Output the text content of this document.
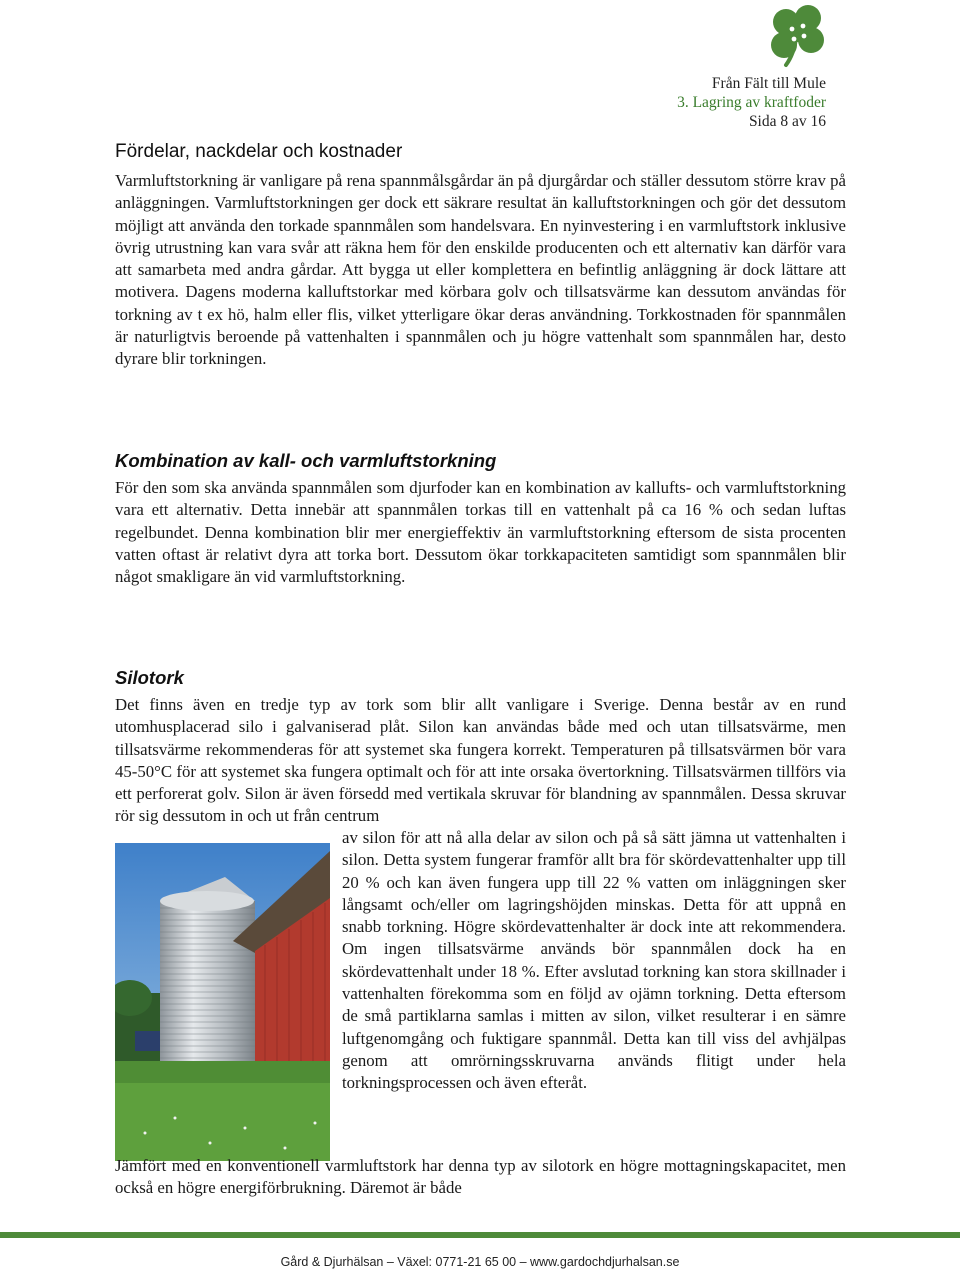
Från Fält till Mule
3. Lagring av kraftfoder
Sida 8 av 16
Fördelar, nackdelar och kostnader

Varmluftstorkning är vanligare på rena spannmålsgårdar än på djurgårdar och ställer dessutom större krav på anläggningen. Varmluftstorkningen ger dock ett säkrare resultat än kalluftstorkningen och gör det dessutom möjligt att använda den torkade spannmålen som handelsvara. En nyinvestering i en varmluftstork inklusive övrig utrustning kan vara svår att räkna hem för den enskilde producenten och ett alternativ kan därför vara att samarbeta med andra gårdar. Att bygga ut eller komplettera en befintlig anläggning är dock lättare att motivera. Dagens moderna kalluftstorkar med körbara golv och tillsatsvärme kan dessutom användas för torkning av t ex hö, halm eller flis, vilket ytterligare ökar deras användning. Torkkostnaden för spannmålen är naturligtvis beroende på vattenhalten i spannmålen och ju högre vattenhalt som spannmålen har, desto dyrare blir torkningen.

Kombination av kall- och varmluftstorkning

För den som ska använda spannmålen som djurfoder kan en kombination av kallufts- och varmluftstorkning vara ett alternativ. Detta innebär att spannmålen torkas till en vattenhalt på ca 16 % och sedan luftas regelbundet. Denna kombination blir mer energieffektiv än varmluftstorkning eftersom de sista procenten vatten oftast är relativt dyra att torka bort. Dessutom ökar torkkapaciteten samtidigt som spannmålen blir något smakligare än vid varmluftstorkning.

Silotork

Det finns även en tredje typ av tork som blir allt vanligare i Sverige. Denna består av en rund utomhusplacerad silo i galvaniserad plåt. Silon kan användas både med och utan tillsatsvärme, men tillsatsvärme rekommenderas för att systemet ska fungera korrekt. Temperaturen på tillsatsvärmen bör vara 45-50°C för att systemet ska fungera optimalt och för att inte orsaka övertorkning. Tillsatsvärmen tillförs via ett perforerat golv. Silon är även försedd med vertikala skruvar för blandning av spannmålen. Dessa skruvar rör sig dessutom in och ut från centrum

av silon för att nå alla delar av silon och på så sätt jämna ut vattenhalten i silon. Detta system fungerar framför allt bra för skördevattenhalter upp till 20 % och kan även fungera upp till 22 % vatten om inläggningen sker långsamt och/eller om lagringshöjden minskas. Detta för att uppnå en snabb torkning. Högre skördevattenhalter är dock inte att rekommendera. Om ingen tillsatsvärme används bör spannmålen dock ha en skördevattenhalt under 18 %. Efter avslutad torkning kan stora skillnader i vattenhalten förekomma som en följd av ojämn torkning. Detta eftersom de små partiklarna samlas i mitten av silon, vilket resulterar i en sämre luftgenomgång och fuktigare spannmål. Detta kan till viss del avhjälpas genom att omrörningsskruvarna används flitigt under hela torkningsprocessen och även efteråt.

Jämfört med en konventionell varmluftstork har denna typ av silotork en högre mottagningskapacitet, men också en högre energiförbrukning. Däremot är både

Gård & Djurhälsan – Växel: 0771-21 65 00 – www.gardochdjurhalsan.se
